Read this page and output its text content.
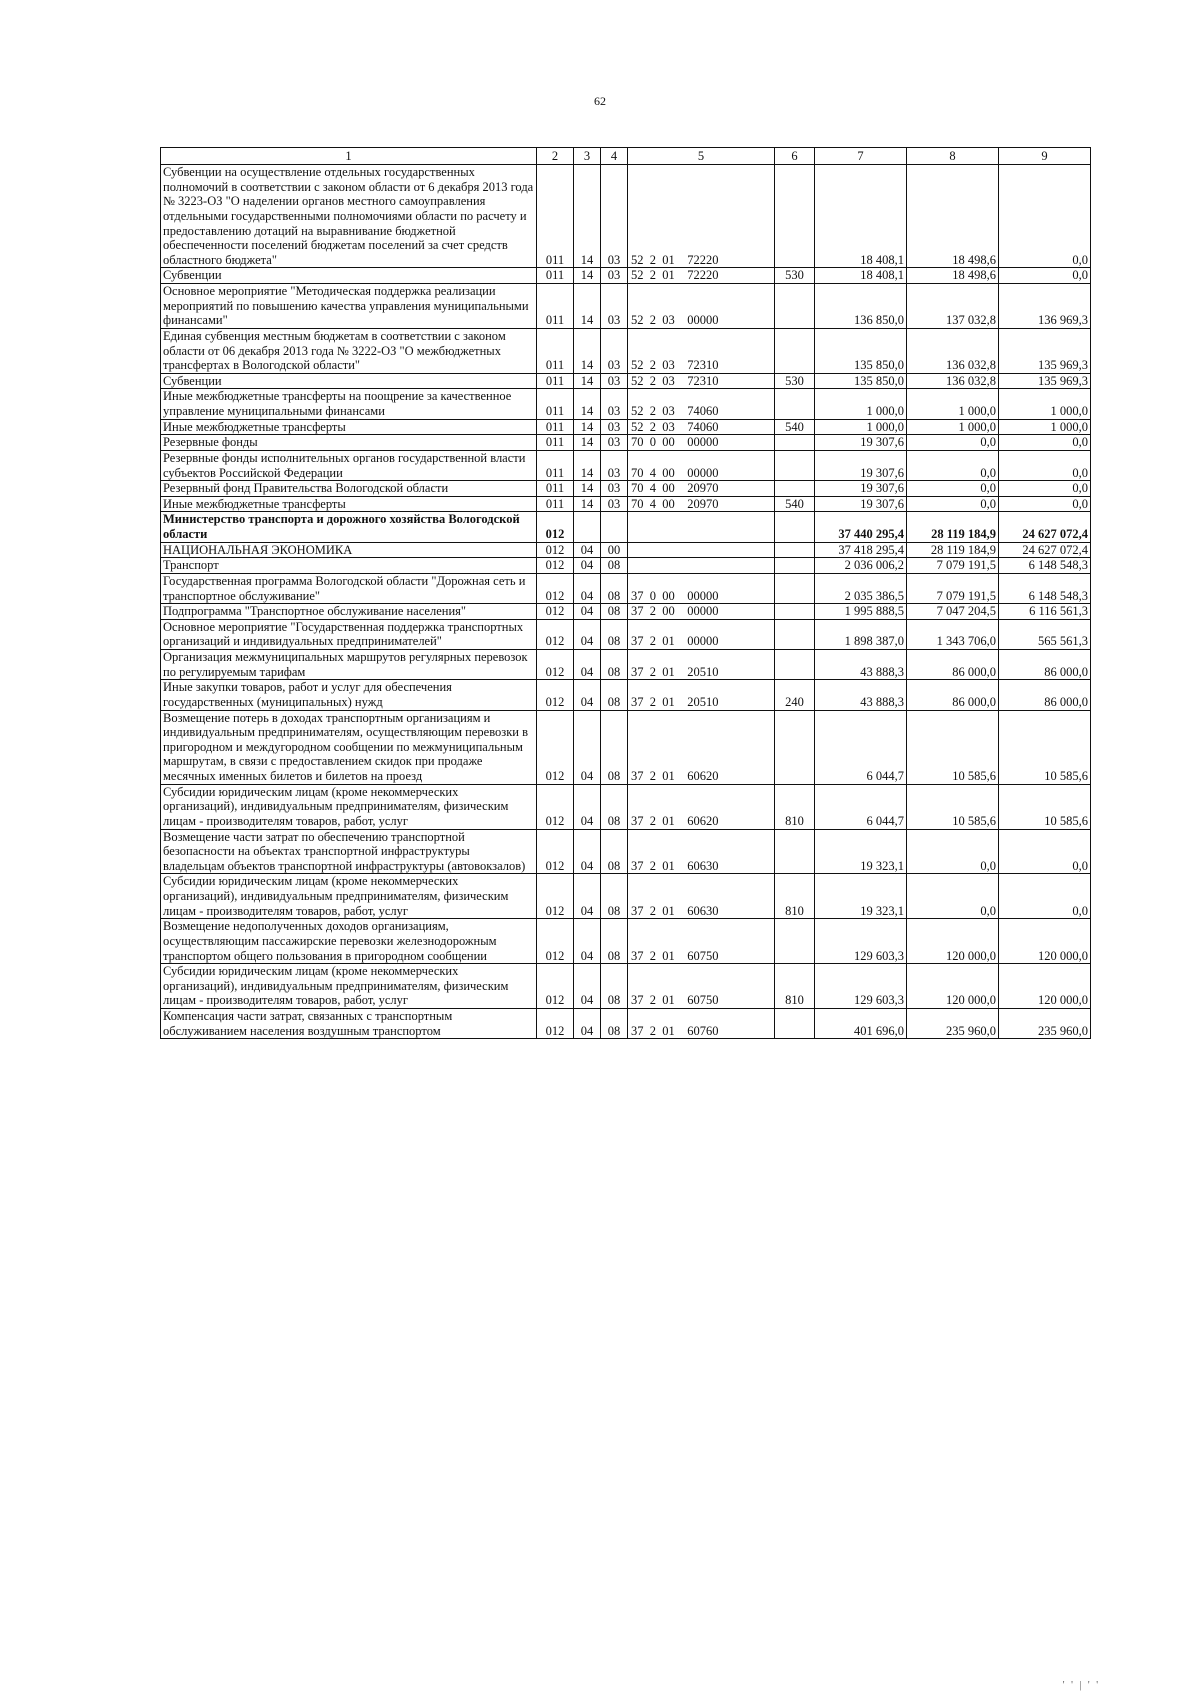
62
1	2	3	4	5	6	7	8	9
Субвенции на осуществление отдельных государственных полномочий в соответствии с законом области от 6 декабря 2013 года № 3223-ОЗ "О наделении органов местного самоуправления отдельными государственными полномочиями области по расчету и предоставлению дотаций на выравнивание бюджетной обеспеченности поселений бюджетам поселений за счет средств областного бюджета"	011	14	03	52  2  01    72220		18 408,1	18 498,6	0,0
Субвенции	011	14	03	52  2  01    72220	530	18 408,1	18 498,6	0,0
Основное мероприятие "Методическая поддержка реализации мероприятий по повышению качества управления муниципальными финансами"	011	14	03	52  2  03    00000		136 850,0	137 032,8	136 969,3
Единая субвенция местным бюджетам в соответствии с законом области от 06 декабря 2013 года № 3222-ОЗ "О межбюджетных трансфертах в Вологодской области"	011	14	03	52  2  03    72310		135 850,0	136 032,8	135 969,3
Субвенции	011	14	03	52  2  03    72310	530	135 850,0	136 032,8	135 969,3
Иные межбюджетные трансферты на поощрение за качественное управление муниципальными финансами	011	14	03	52  2  03    74060		1 000,0	1 000,0	1 000,0
Иные межбюджетные трансферты	011	14	03	52  2  03    74060	540	1 000,0	1 000,0	1 000,0
Резервные фонды	011	14	03	70  0  00    00000		19 307,6	0,0	0,0
Резервные фонды исполнительных органов государственной власти субъектов Российской Федерации	011	14	03	70  4  00    00000		19 307,6	0,0	0,0
Резервный фонд Правительства Вологодской области	011	14	03	70  4  00    20970		19 307,6	0,0	0,0
Иные межбюджетные трансферты	011	14	03	70  4  00    20970	540	19 307,6	0,0	0,0
Министерство транспорта и дорожного хозяйства Вологодской области	012					37 440 295,4	28 119 184,9	24 627 072,4
НАЦИОНАЛЬНАЯ ЭКОНОМИКА	012	04	00			37 418 295,4	28 119 184,9	24 627 072,4
Транспорт	012	04	08			2 036 006,2	7 079 191,5	6 148 548,3
Государственная программа Вологодской области "Дорожная сеть и транспортное обслуживание"	012	04	08	37  0  00    00000		2 035 386,5	7 079 191,5	6 148 548,3
Подпрограмма "Транспортное обслуживание населения"	012	04	08	37  2  00    00000		1 995 888,5	7 047 204,5	6 116 561,3
Основное мероприятие "Государственная поддержка транспортных организаций и индивидуальных предпринимателей"	012	04	08	37  2  01    00000		1 898 387,0	1 343 706,0	565 561,3
Организация межмуниципальных маршрутов регулярных перевозок по регулируемым тарифам	012	04	08	37  2  01    20510		43 888,3	86 000,0	86 000,0
Иные закупки товаров, работ и услуг для обеспечения государственных (муниципальных) нужд	012	04	08	37  2  01    20510	240	43 888,3	86 000,0	86 000,0
Возмещение потерь в доходах транспортным организациям и индивидуальным предпринимателям, осуществляющим перевозки в пригородном и междугородном сообщении по межмуниципальным маршрутам, в связи с предоставлением скидок при продаже месячных именных билетов и билетов на проезд	012	04	08	37  2  01    60620		6 044,7	10 585,6	10 585,6
Субсидии юридическим лицам (кроме некоммерческих организаций), индивидуальным предпринимателям, физическим лицам - производителям товаров, работ, услуг	012	04	08	37  2  01    60620	810	6 044,7	10 585,6	10 585,6
Возмещение части затрат по обеспечению транспортной безопасности на объектах транспортной инфраструктуры владельцам объектов транспортной инфраструктуры (автовокзалов)	012	04	08	37  2  01    60630		19 323,1	0,0	0,0
Субсидии юридическим лицам (кроме некоммерческих организаций), индивидуальным предпринимателям, физическим лицам - производителям товаров, работ, услуг	012	04	08	37  2  01    60630	810	19 323,1	0,0	0,0
Возмещение недополученных доходов организациям, осуществляющим пассажирские перевозки железнодорожным транспортом общего пользования в пригородном сообщении	012	04	08	37  2  01    60750		129 603,3	120 000,0	120 000,0
Субсидии юридическим лицам (кроме некоммерческих организаций), индивидуальным предпринимателям, физическим лицам - производителям товаров, работ, услуг	012	04	08	37  2  01    60750	810	129 603,3	120 000,0	120 000,0
Компенсация части затрат, связанных с транспортным обслуживанием населения воздушным транспортом	012	04	08	37  2  01    60760		401 696,0	235 960,0	235 960,0
' ' | ' '
